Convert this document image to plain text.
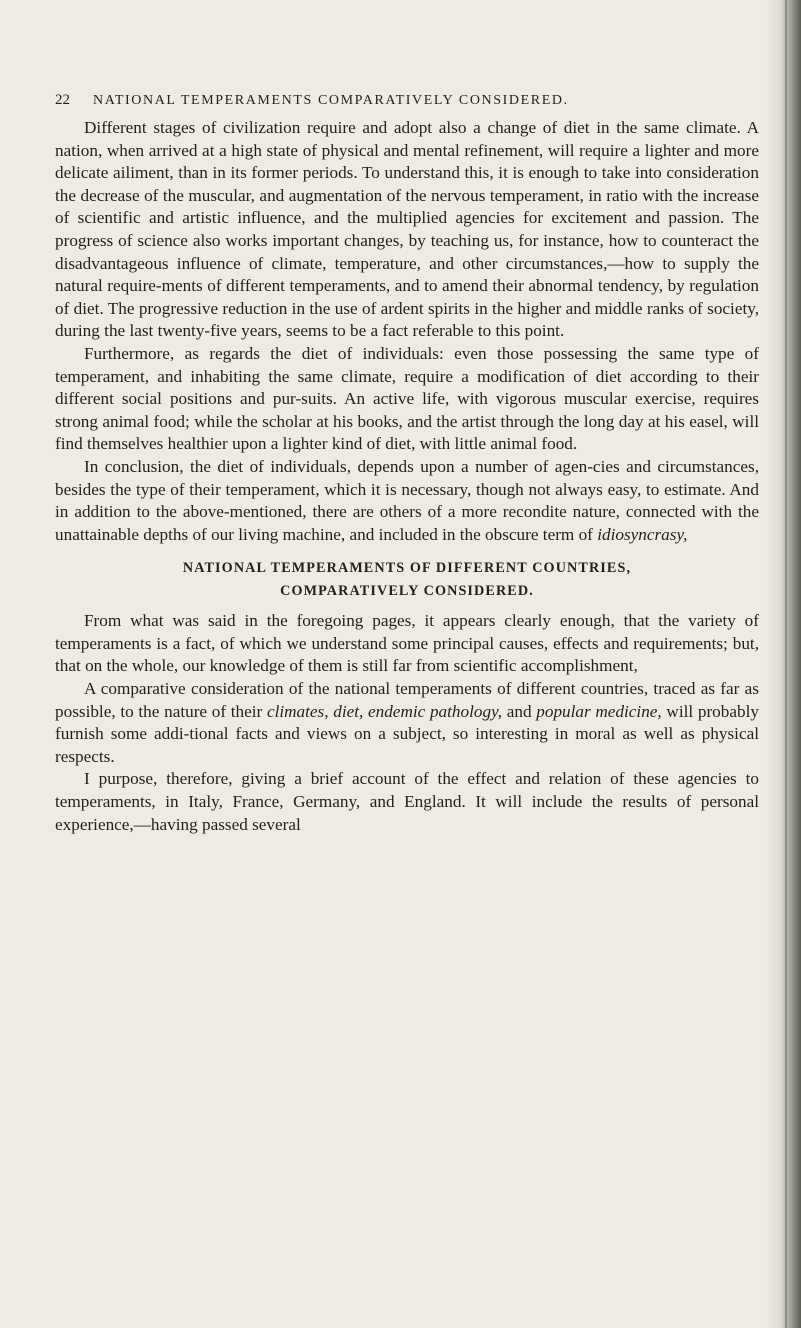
22 NATIONAL TEMPERAMENTS COMPARATIVELY CONSIDERED.

Different stages of civilization require and adopt also a change of diet in the same climate. A nation, when arrived at a high state of physical and mental refinement, will require a lighter and more delicate ailiment, than in its former periods. To understand this, it is enough to take into consideration the decrease of the muscular, and augmentation of the nervous temperament, in ratio with the increase of scientific and artistic influence, and the multiplied agencies for excitement and passion. The progress of science also works important changes, by teaching us, for instance, how to counteract the disadvantageous influence of climate, temperature, and other circumstances,—how to supply the natural require-ments of different temperaments, and to amend their abnormal tendency, by regulation of diet. The progressive reduction in the use of ardent spirits in the higher and middle ranks of society, during the last twenty-five years, seems to be a fact referable to this point.

Furthermore, as regards the diet of individuals: even those possessing the same type of temperament, and inhabiting the same climate, require a modification of diet according to their different social positions and pur-suits. An active life, with vigorous muscular exercise, requires strong animal food; while the scholar at his books, and the artist through the long day at his easel, will find themselves healthier upon a lighter kind of diet, with little animal food.

In conclusion, the diet of individuals, depends upon a number of agen-cies and circumstances, besides the type of their temperament, which it is necessary, though not always easy, to estimate. And in addition to the above-mentioned, there are others of a more recondite nature, connected with the unattainable depths of our living machine, and included in the obscure term of idiosyncrasy,

NATIONAL TEMPERAMENTS OF DIFFERENT COUNTRIES,
COMPARATIVELY CONSIDERED.

From what was said in the foregoing pages, it appears clearly enough, that the variety of temperaments is a fact, of which we understand some principal causes, effects and requirements; but, that on the whole, our knowledge of them is still far from scientific accomplishment,

A comparative consideration of the national temperaments of different countries, traced as far as possible, to the nature of their climates, diet, endemic pathology, and popular medicine, will probably furnish some addi-tional facts and views on a subject, so interesting in moral as well as physical respects.

I purpose, therefore, giving a brief account of the effect and relation of these agencies to temperaments, in Italy, France, Germany, and England. It will include the results of personal experience,—having passed several
